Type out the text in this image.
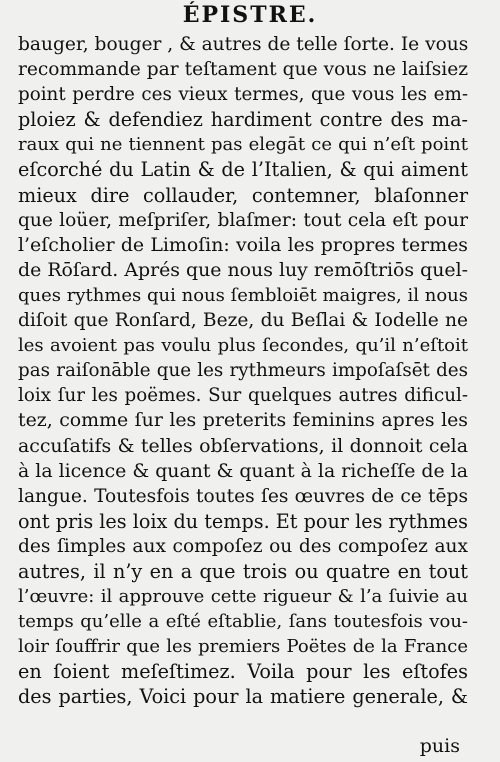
ÉPISTRE.
bauger, bouger , & autres de telle ſorte. Ie vous
recommande par teſtament que vous ne laiſsiez
point perdre ces vieux termes, que vous les em-
ploiez & defendiez hardiment contre des ma-
raux qui ne tiennent pas elegāt ce qui n’eſt point
eſcorché du Latin & de l’Italien, & qui aiment
mieux dire collauder, contemner, blaſonner
que loüer, meſpriſer, blaſmer: tout cela eſt pour
l’eſcholier de Limoſin: voila les propres termes
de Rōſard. Aprés que nous luy remōſtriōs quel-
ques rythmes qui nous ſembloiēt maigres, il nous
diſoit que Ronſard, Beze, du Beſlai & Iodelle ne
les avoient pas voulu plus ſecondes, qu’il n’eſtoit
pas raiſonāble que les rythmeurs impoſaſsēt des
loix ſur les poëmes. Sur quelques autres dificul-
tez, comme ſur les preterits feminins apres les
accuſatifs & telles obſervations, il donnoit cela
à la licence & quant & quant à la richeſſe de la
langue. Toutesfois toutes ſes œuvres de ce tēps
ont pris les loix du temps. Et pour les rythmes
des ſimples aux compoſez ou des compoſez aux
autres, il n’y en a que trois ou quatre en tout
l’œuvre: il approuve cette rigueur & l’a ſuivie au
temps qu’elle a eſté eſtablie, ſans toutesfois vou-
loir ſouffrir que les premiers Poëtes de la France
en ſoient meſeſtimez. Voila pour les eſtofes
des parties, Voici pour la matiere generale, &
puis
